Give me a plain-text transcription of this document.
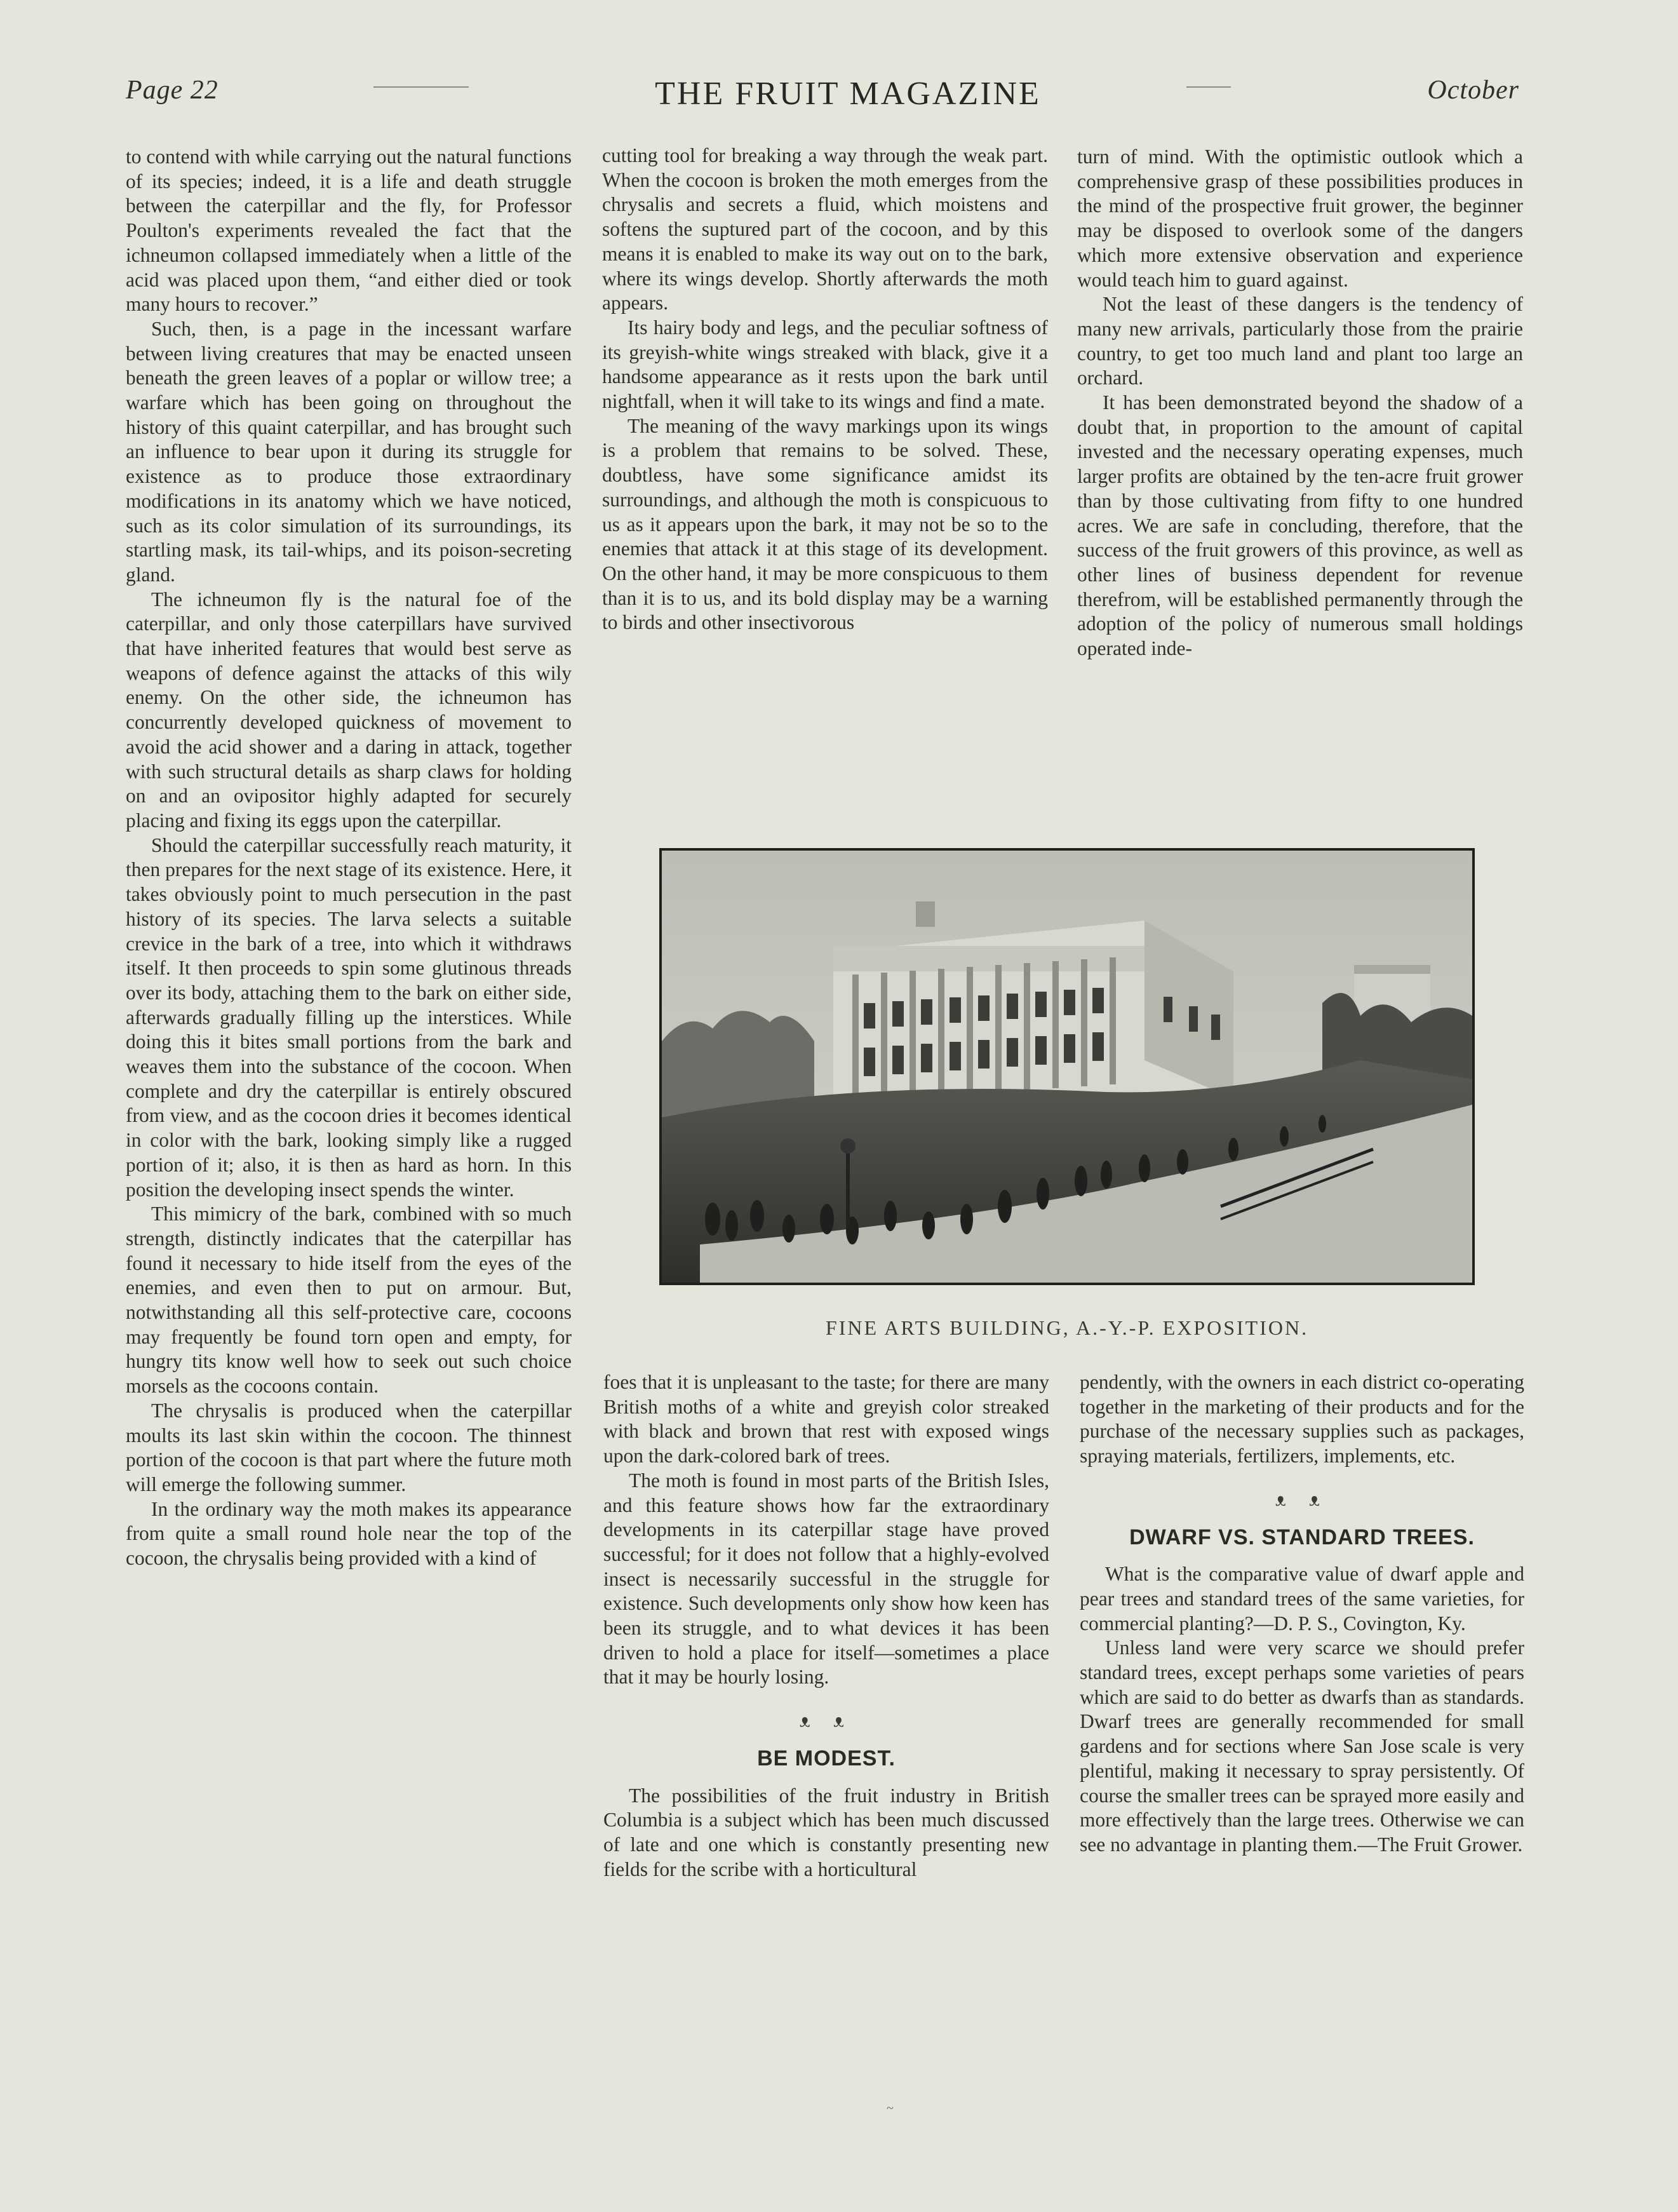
Page 22	THE FRUIT MAGAZINE	October

to contend with while carrying out the natural functions of its species; indeed, it is a life and death struggle between the caterpillar and the fly, for Professor Poulton's experiments revealed the fact that the ichneumon collapsed immediately when a little of the acid was placed upon them, “and either died or took many hours to recover.”

Such, then, is a page in the incessant warfare between living creatures that may be enacted unseen beneath the green leaves of a poplar or willow tree; a warfare which has been going on throughout the history of this quaint caterpillar, and has brought such an influence to bear upon it during its struggle for existence as to produce those extraordinary modifications in its anatomy which we have noticed, such as its color simulation of its surroundings, its startling mask, its tail-whips, and its poison-secreting gland.

The ichneumon fly is the natural foe of the caterpillar, and only those caterpillars have survived that have inherited features that would best serve as weapons of defence against the attacks of this wily enemy. On the other side, the ichneumon has concurrently developed quickness of movement to avoid the acid shower and a daring in attack, together with such structural details as sharp claws for holding on and an ovipositor highly adapted for securely placing and fixing its eggs upon the caterpillar.

Should the caterpillar successfully reach maturity, it then prepares for the next stage of its existence. Here, it takes obviously point to much persecution in the past history of its species. The larva selects a suitable crevice in the bark of a tree, into which it withdraws itself. It then proceeds to spin some glutinous threads over its body, attaching them to the bark on either side, afterwards gradually filling up the interstices. While doing this it bites small portions from the bark and weaves them into the substance of the cocoon. When complete and dry the caterpillar is entirely obscured from view, and as the cocoon dries it becomes identical in color with the bark, looking simply like a rugged portion of it; also, it is then as hard as horn. In this position the developing insect spends the winter.

This mimicry of the bark, combined with so much strength, distinctly indicates that the caterpillar has found it necessary to hide itself from the eyes of the enemies, and even then to put on armour. But, notwithstanding all this self-protective care, cocoons may frequently be found torn open and empty, for hungry tits know well how to seek out such choice morsels as the cocoons contain.

The chrysalis is produced when the caterpillar moults its last skin within the cocoon. The thinnest portion of the cocoon is that part where the future moth will emerge the following summer.

In the ordinary way the moth makes its appearance from quite a small round hole near the top of the cocoon, the chrysalis being provided with a kind of

cutting tool for breaking a way through the weak part. When the cocoon is broken the moth emerges from the chrysalis and secrets a fluid, which moistens and softens the suptured part of the cocoon, and by this means it is enabled to make its way out on to the bark, where its wings develop. Shortly afterwards the moth appears.

Its hairy body and legs, and the peculiar softness of its greyish-white wings streaked with black, give it a handsome appearance as it rests upon the bark until nightfall, when it will take to its wings and find a mate.

The meaning of the wavy markings upon its wings is a problem that remains to be solved. These, doubtless, have some significance amidst its surroundings, and although the moth is conspicuous to us as it appears upon the bark, it may not be so to the enemies that attack it at this stage of its development. On the other hand, it may be more conspicuous to them than it is to us, and its bold display may be a warning to birds and other insectivorous

turn of mind. With the optimistic outlook which a comprehensive grasp of these possibilities produces in the mind of the prospective fruit grower, the beginner may be disposed to overlook some of the dangers which more extensive observation and experience would teach him to guard against.

Not the least of these dangers is the tendency of many new arrivals, particularly those from the prairie country, to get too much land and plant too large an orchard.

It has been demonstrated beyond the shadow of a doubt that, in proportion to the amount of capital invested and the necessary operating expenses, much larger profits are obtained by the ten-acre fruit grower than by those cultivating from fifty to one hundred acres. We are safe in concluding, therefore, that the success of the fruit growers of this province, as well as other lines of business dependent for revenue therefrom, will be established permanently through the adoption of the policy of numerous small holdings operated inde-

FINE ARTS BUILDING, A.-Y.-P. EXPOSITION.

foes that it is unpleasant to the taste; for there are many British moths of a white and greyish color streaked with black and brown that rest with exposed wings upon the dark-colored bark of trees.

The moth is found in most parts of the British Isles, and this feature shows how far the extraordinary developments in its caterpillar stage have proved successful; for it does not follow that a highly-evolved insect is necessarily successful in the struggle for existence. Such developments only show how keen has been its struggle, and to what devices it has been driven to hold a place for itself—sometimes a place that it may be hourly losing.

ᴥ ᴥ
BE MODEST.

The possibilities of the fruit industry in British Columbia is a subject which has been much discussed of late and one which is constantly presenting new fields for the scribe with a horticultural

pendently, with the owners in each district co-operating together in the marketing of their products and for the purchase of the necessary supplies such as packages, spraying materials, fertilizers, implements, etc.

ᴥ ᴥ
DWARF VS. STANDARD TREES.

What is the comparative value of dwarf apple and pear trees and standard trees of the same varieties, for commercial planting?—D. P. S., Covington, Ky.

Unless land were very scarce we should prefer standard trees, except perhaps some varieties of pears which are said to do better as dwarfs than as standards. Dwarf trees are generally recommended for small gardens and for sections where San Jose scale is very plentiful, making it necessary to spray persistently. Of course the smaller trees can be sprayed more easily and more effectively than the large trees. Otherwise we can see no advantage in planting them.—The Fruit Grower.

~
